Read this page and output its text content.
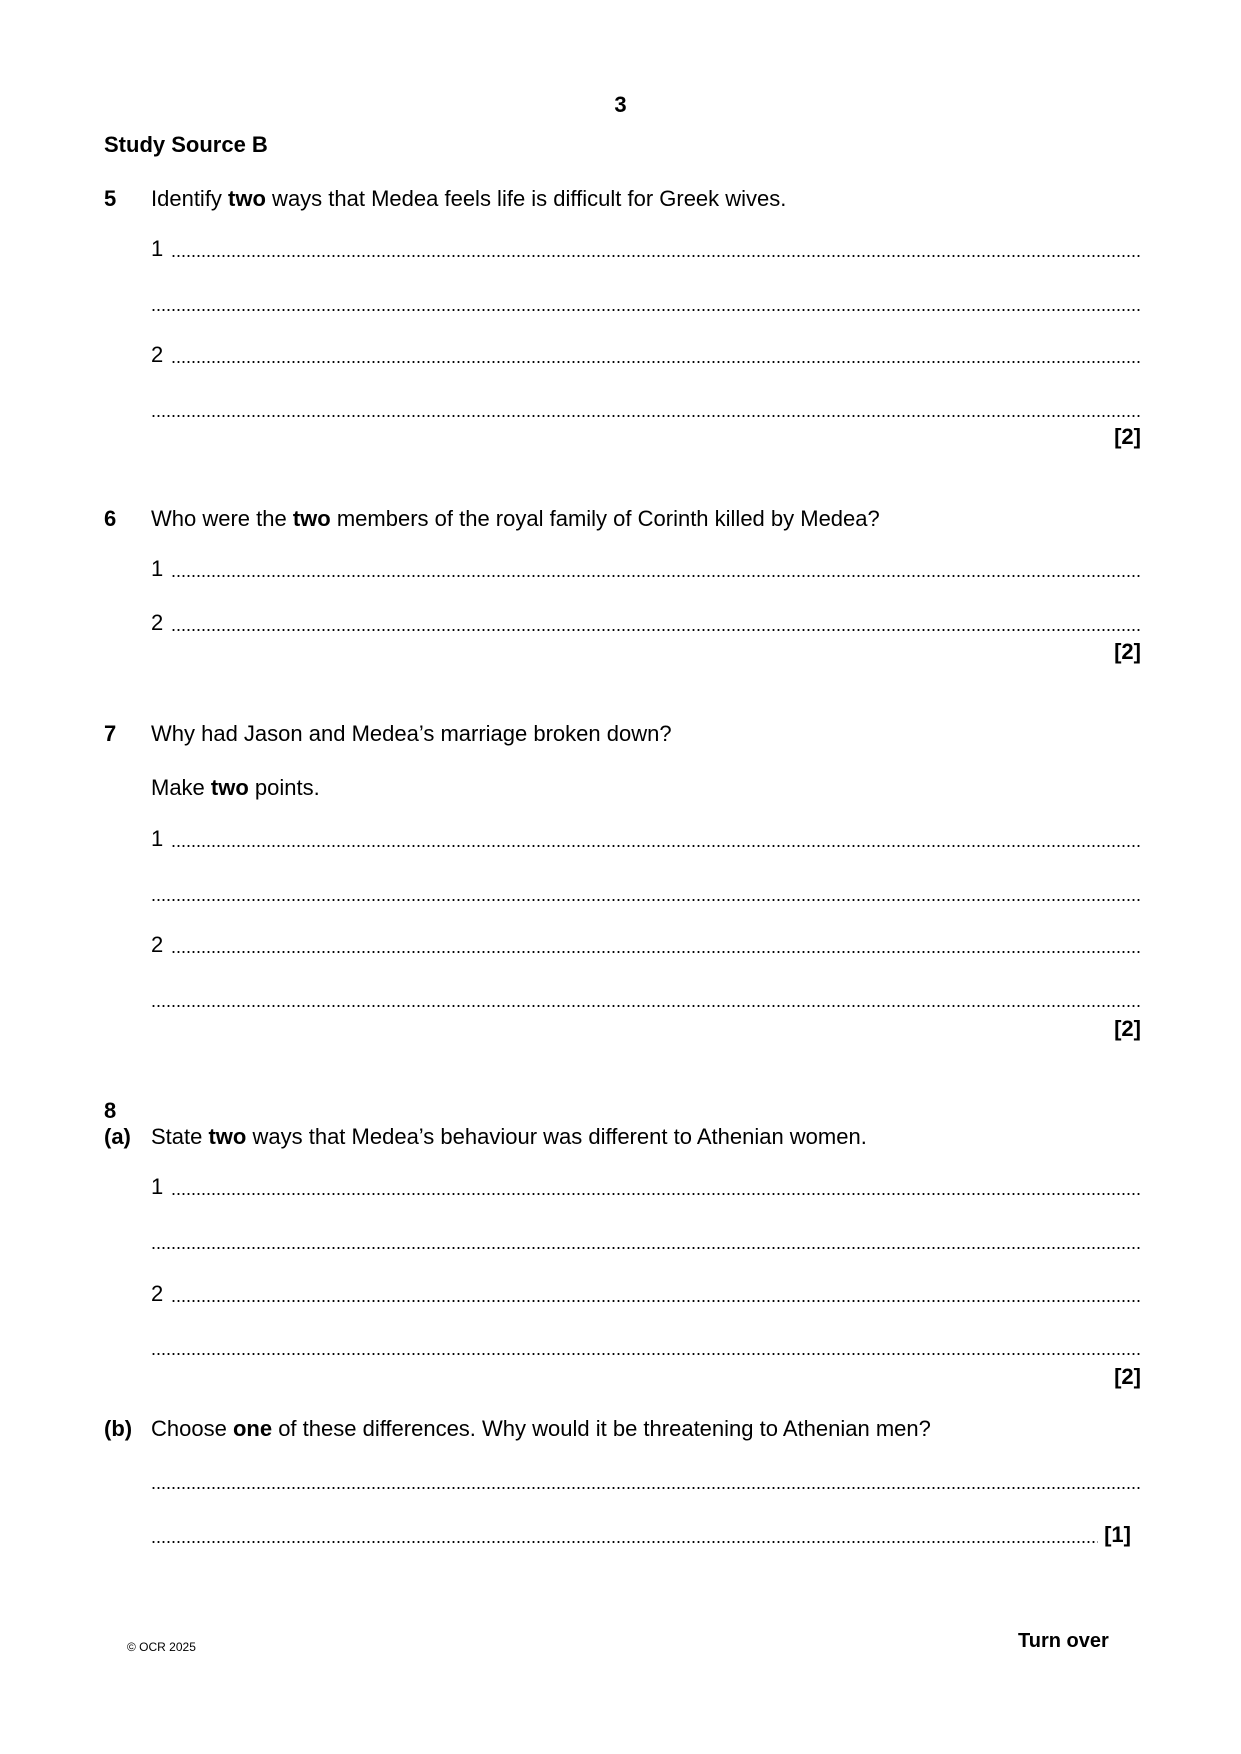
3
Study Source B
5 Identify two ways that Medea feels life is difficult for Greek wives.
1
2
[2]
6 Who were the two members of the royal family of Corinth killed by Medea?
1
2
[2]
7 Why had Jason and Medea’s marriage broken down?
Make two points.
1
2
[2]
8
(a) State two ways that Medea’s behaviour was different to Athenian women.
1
2
[2]
(b) Choose one of these differences. Why would it be threatening to Athenian men?
[1]
© OCR 2025	Turn over
